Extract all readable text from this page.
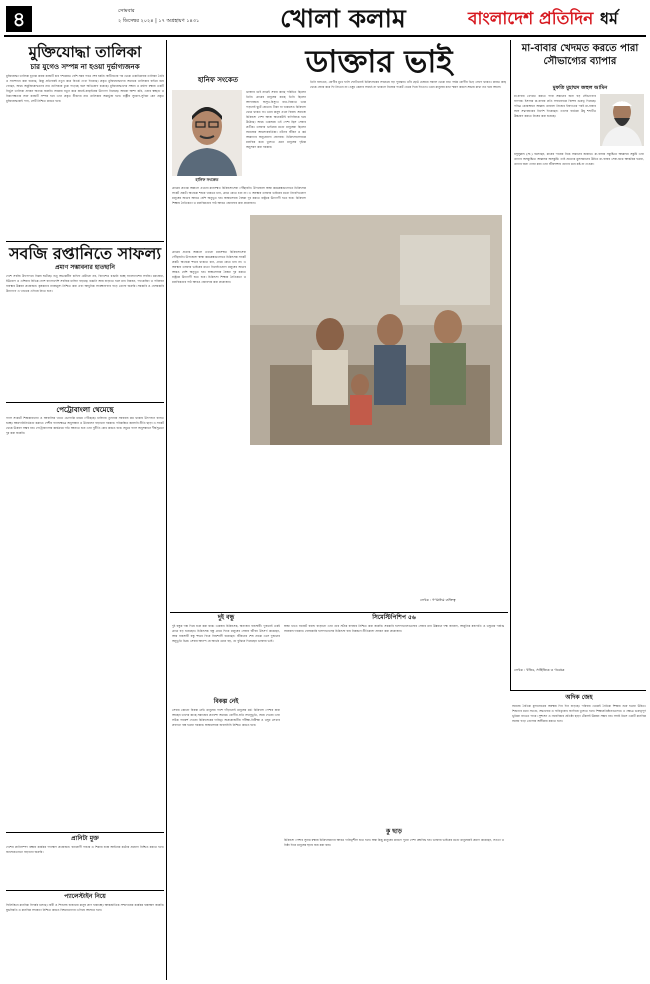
৪	সোমবার
২ ডিসেম্বর ২০২৪ | ১৭ অগ্রহায়ণ ১৪৩১	খোলা কলাম	বাংলাদেশ প্রতিদিন ধর্ম
মুক্তিযোদ্ধা তালিকা
চার যুগেও সম্পন্ন না হওয়া দুর্ভাগ্যজনক
মুক্তিযোদ্ধা তালিকা চূড়ান্ত করার কাজটি চার দশকেরও বেশি সময় পরও শেষ হয়নি। স্বাধীনতার পর থেকে একাধিকবার তালিকা তৈরি ও সংশোধন করা হয়েছে, কিন্তু প্রতিবারই নতুন করে বিতর্ক দেখা দিয়েছে। প্রকৃত মুক্তিযোদ্ধাদের অনেকে তালিকার বাইরে রয়ে গেছেন, অথচ অমুক্তিযোদ্ধাদের নাম তালিকায় ঢুকে পড়েছে বলে অভিযোগ রয়েছে। মুক্তিযোদ্ধাদের সম্মান ও মর্যাদা রক্ষায় একটি নির্ভুল তালিকা প্রণয়ন অত্যন্ত জরুরি। সরকার নতুন করে যাচাই-বাছাইয়ের উদ্যোগ নিয়েছে। আমরা আশা করি, এবার স্বচ্ছতা ও নিরপেক্ষতার সঙ্গে কাজটি সম্পন্ন হবে এবং প্রকৃত বীরদের নাম তালিকায় অন্তর্ভুক্ত হবে। রাষ্ট্রীয় সুযোগ-সুবিধা যেন প্রকৃত মুক্তিযোদ্ধারাই পান, সেটি নিশ্চিত করতে হবে।
সবজি রপ্তানিতে সাফল্য
প্রমাণ সম্ভাবনার হাতছানি
দেশে সবজি উৎপাদনে বিপ্লব ঘটেছে। শুধু অভ্যন্তরীণ চাহিদা মেটানো নয়, বিদেশেও রপ্তানি হচ্ছে বাংলাদেশের সবজি। মধ্যপ্রাচ্য, ইউরোপ ও এশিয়ার বিভিন্ন দেশে বাংলাদেশি সবজির চাহিদা বাড়ছে। রপ্তানি আয় বাড়াতে হলে মান নিয়ন্ত্রণ, প্যাকেজিং ও পরিবহন ব্যবস্থার উন্নয়ন প্রয়োজন। কৃষকদের ন্যায্যমূল্য নিশ্চিত করা এবং আধুনিক সংরক্ষণাগার গড়ে তোলা জরুরি। সরকারি ও বেসরকারি উদ্যোগে এ খাতকে এগিয়ে নিতে হবে।
পেট্রোবাংলা থেমেছে
গ্যাস সংকটে শিল্পকারখানা ও আবাসিক খাতে ভোগান্তি চরমে পৌঁছেছে। চাহিদার তুলনায় সরবরাহ কম থাকায় উৎপাদন ব্যাহত হচ্ছে। আমদানিনির্ভরতা কমাতে দেশীয় গ্যাসক্ষেত্রে অনুসন্ধান ও উত্তোলন বাড়ানো দরকার। পরিকল্পিত জ্বালানি নীতি ছাড়া এ সংকট থেকে উত্তরণ সম্ভব নয়। পেট্রোবাংলার কার্যক্রমে গতি আনতে হবে এবং দুর্নীতি রোধ করতে হবে। সমুদ্রে গ্যাস অনুসন্ধানে দীর্ঘসূত্রতা দূর করা জরুরি।
প্রানিটা মুক্ত
দেশের প্রানিসম্পদ রক্ষায় কার্যকর পদক্ষেপ প্রয়োজন। বন্যপ্রাণী পাচার ও শিকার বন্ধে আইনের কঠোর প্রয়োগ নিশ্চিত করতে হবে। জনসচেতনতা বাড়ানো জরুরি।
প্যালেস্টাইন নিয়ে
ফিলিস্তিনে মানবিক বিপর্যয় চলছে। নারী ও শিশুসহ হাজারো মানুষ প্রাণ হারাচ্ছে। আন্তর্জাতিক সম্প্রদায়ের কার্যকর হস্তক্ষেপ জরুরি। যুদ্ধবিরতি ও মানবিক সহায়তা নিশ্চিত করতে বিশ্বনেতাদের এগিয়ে আসতে হবে।
ডাক্তার ভাই
হানিফ সংকেত
হানিফ সংকেত
ডাক্তার ভাই নামেই সবার কাছে পরিচিত ছিলেন তিনি। গ্রামের মানুষের কাছে তিনি ছিলেন আপনজন। অসুখ-বিসুখে রাত-বিরাতে ডাক পড়লেই ছুটে যেতেন। টাকা না থাকলেও চিকিৎসা থেমে থাকত না। এমন মানুষ এখন বিরল। সমাজে চিকিৎসা পেশা আজ অনেকটাই বাণিজ্যিক হয়ে উঠেছে। অথচ একসময় এই পেশা ছিল সেবার প্রতীক। ডাক্তার ভাইয়ের মতো মানুষেরা ছিলেন সমাজের আলোকবর্তিকা। তাঁদের জীবন ও কর্ম আমাদের অনুপ্রেরণা জোগায়। চিকিৎসাসেবাকে মানবিক করে তুলতে এমন মানুষের দৃষ্টান্ত অনুসরণ করা দরকার।
গ্রামের প্রত্যন্ত অঞ্চলে এখনো মানসম্মত চিকিৎসাসেবা পৌঁছায়নি। উপজেলা স্বাস্থ্য কমপ্লেক্সগুলোতে চিকিৎসক সংকট প্রকট। অনেকে শহরে থাকতে চান, গ্রামে যেতে চান না। এ অবস্থায় ডাক্তার ভাইয়ের মতো নিবেদিতপ্রাণ মানুষের অভাব আরও বেশি অনুভূত হয়। স্বাস্থ্যসেবায় বৈষম্য দূর করতে রাষ্ট্রকে উদ্যোগী হতে হবে। চিকিৎসা শিক্ষায় নৈতিকতা ও মানবিকতার পাঠ আরও জোরদার করা প্রয়োজন।
তিনি বলতেন, রোগীর মুখে হাসি ফোটানোই চিকিৎসকের সবচেয়ে বড় পুরস্কার। তাঁর ছোট্ট চেম্বারে সকাল থেকে রাত পর্যন্ত রোগীর ভিড় লেগে থাকত। কারও কাছ থেকে জোর করে ফি নিতেন না। ওষুধ কেনার সামর্থ্য না থাকলে নিজের পকেট থেকে দিয়ে দিতেন। এমন মানুষের কথা স্মরণ করলে শ্রদ্ধায় মাথা নত হয়ে আসে।
গ্রামের প্রত্যন্ত অঞ্চলে এখনো মানসম্মত চিকিৎসাসেবা পৌঁছায়নি। উপজেলা স্বাস্থ্য কমপ্লেক্সগুলোতে চিকিৎসক সংকট প্রকট। অনেকে শহরে থাকতে চান, গ্রামে যেতে চান না। এ অবস্থায় ডাক্তার ভাইয়ের মতো নিবেদিতপ্রাণ মানুষের অভাব আরও বেশি অনুভূত হয়। স্বাস্থ্যসেবায় বৈষম্য দূর করতে রাষ্ট্রকে উদ্যোগী হতে হবে। চিকিৎসা শিক্ষায় নৈতিকতা ও মানবিকতার পাঠ আরও জোরদার করা প্রয়োজন।
দুই বন্ধু
দুই বন্ধুর গল্প দিয়ে শুরু করা যাক। একজন চিকিৎসক, অন্যজন ব্যবসায়ী। দুজনেই একই গ্রামে বড় হয়েছেন। চিকিৎসক বন্ধু গ্রামে ফিরে মানুষের সেবায় জীবন উৎসর্গ করেছেন, আর ব্যবসায়ী বন্ধু শহরে গিয়ে বিত্তশালী হয়েছেন। জীবনের শেষ প্রান্তে এসে দুজনের অনুভূতি ভিন্ন। সেবার আনন্দ যে অর্থের চেয়ে বড়, তা বুঝিয়ে দিয়েছেন ডাক্তার ভাই।
বিকল্প নেই
সেবার কোনো বিকল্প নেই। মানুষের পাশে দাঁড়ানোই মানুষের ধর্ম। চিকিৎসা পেশায় যারা আছেন তাদের কাছে সমাজের প্রত্যাশা অনেক। রোগীর প্রতি সহানুভূতি, সময় দেওয়া এবং সঠিক পরামর্শ দেওয়া চিকিৎসকের দায়িত্ব। অপ্রয়োজনীয় পরীক্ষা-নিরীক্ষা ও ওষুধ লেখার প্রবণতা বন্ধ হওয়া দরকার। স্বাস্থ্যসেবায় জবাবদিহি নিশ্চিত করতে হবে।
সিমেস্টিপিশিপ ৫৬
স্বাস্থ্য খাতে বাজেট বরাদ্দ বাড়ানো এবং তার সঠিক ব্যবহার নিশ্চিত করা জরুরি। সরকারি হাসপাতালগুলোর সেবার মান উন্নয়নে দক্ষ জনবল, আধুনিক যন্ত্রপাতি ও ওষুধের পর্যাপ্ত সরবরাহ দরকার। বেসরকারি হাসপাতালের চিকিৎসা ব্যয় নিয়ন্ত্রণে নীতিমালা প্রণয়ন করা প্রয়োজন।
কু ছাড়
চিকিৎসা পেশার সুনাম রক্ষায় চিকিৎসকদের আরও দায়িত্বশীল হতে হবে। অল্প কিছু মানুষের কারণে পুরো পেশা প্রশ্নবিদ্ধ হয়। ডাক্তার ভাইয়ের মতো মানুষেরাই প্রমাণ করেছেন, সততা ও নিষ্ঠা দিয়ে মানুষের হৃদয় জয় করা যায়।
লেখক : গণমাধ্যম ব্যক্তিত্ব
মা-বাবার খেদমত করতে পারা সৌভাগ্যের ব্যাপার
মুফতি মুহাম্মদ জহুল আমিন
মা-বাবার খেদমত করতে পারা সন্তানের জন্য বড় সৌভাগ্যের ব্যাপার। ইসলাম মা-বাবার প্রতি সদাচরণকে বিশেষ গুরুত্ব দিয়েছে। পবিত্র কোরআনে আল্লাহ তায়ালা নিজের ইবাদতের পরই মা-বাবার সঙ্গে সদ্ব্যবহারের নির্দেশ দিয়েছেন। তাদের বার্ধক্যে উহ্ শব্দটিও উচ্চারণ করতে নিষেধ করা হয়েছে।
রসুলুল্লাহ (সা.) বলেছেন, মায়ের পায়ের নিচে সন্তানের জান্নাত। মা-বাবার সন্তুষ্টিতে আল্লাহর সন্তুষ্টি এবং তাদের অসন্তুষ্টিতে আল্লাহর অসন্তুষ্টি। তাই প্রত্যেক মুসলমানের উচিত মা-বাবার সেবা-যত্নে আন্তরিক হওয়া, তাদের জন্য দোয়া করা এবং জীবদ্দশায় তাদের মনে কষ্ট না দেওয়া।
লেখক : খতিব, সাহিত্যিক ও গবেষক
অদিক জেহ
সমাজে নৈতিক মূল্যবোধের অবক্ষয় দিন দিন বাড়ছে। পরিবার থেকেই নৈতিক শিক্ষার শুরু হওয়া উচিত। শিশুদের মধ্যে সততা, শ্রদ্ধাবোধ ও দায়িত্ববোধ জাগিয়ে তুলতে হবে। শিক্ষাপ্রতিষ্ঠানগুলোও এ ক্ষেত্রে গুরুত্বপূর্ণ ভূমিকা রাখতে পারে। সুশাসন ও ন্যায়বিচার প্রতিষ্ঠা ছাড়া টেকসই উন্নয়ন সম্ভব নয়। সবাই মিলে একটি মানবিক সমাজ গড়ে তোলার অঙ্গীকার করতে হবে।
